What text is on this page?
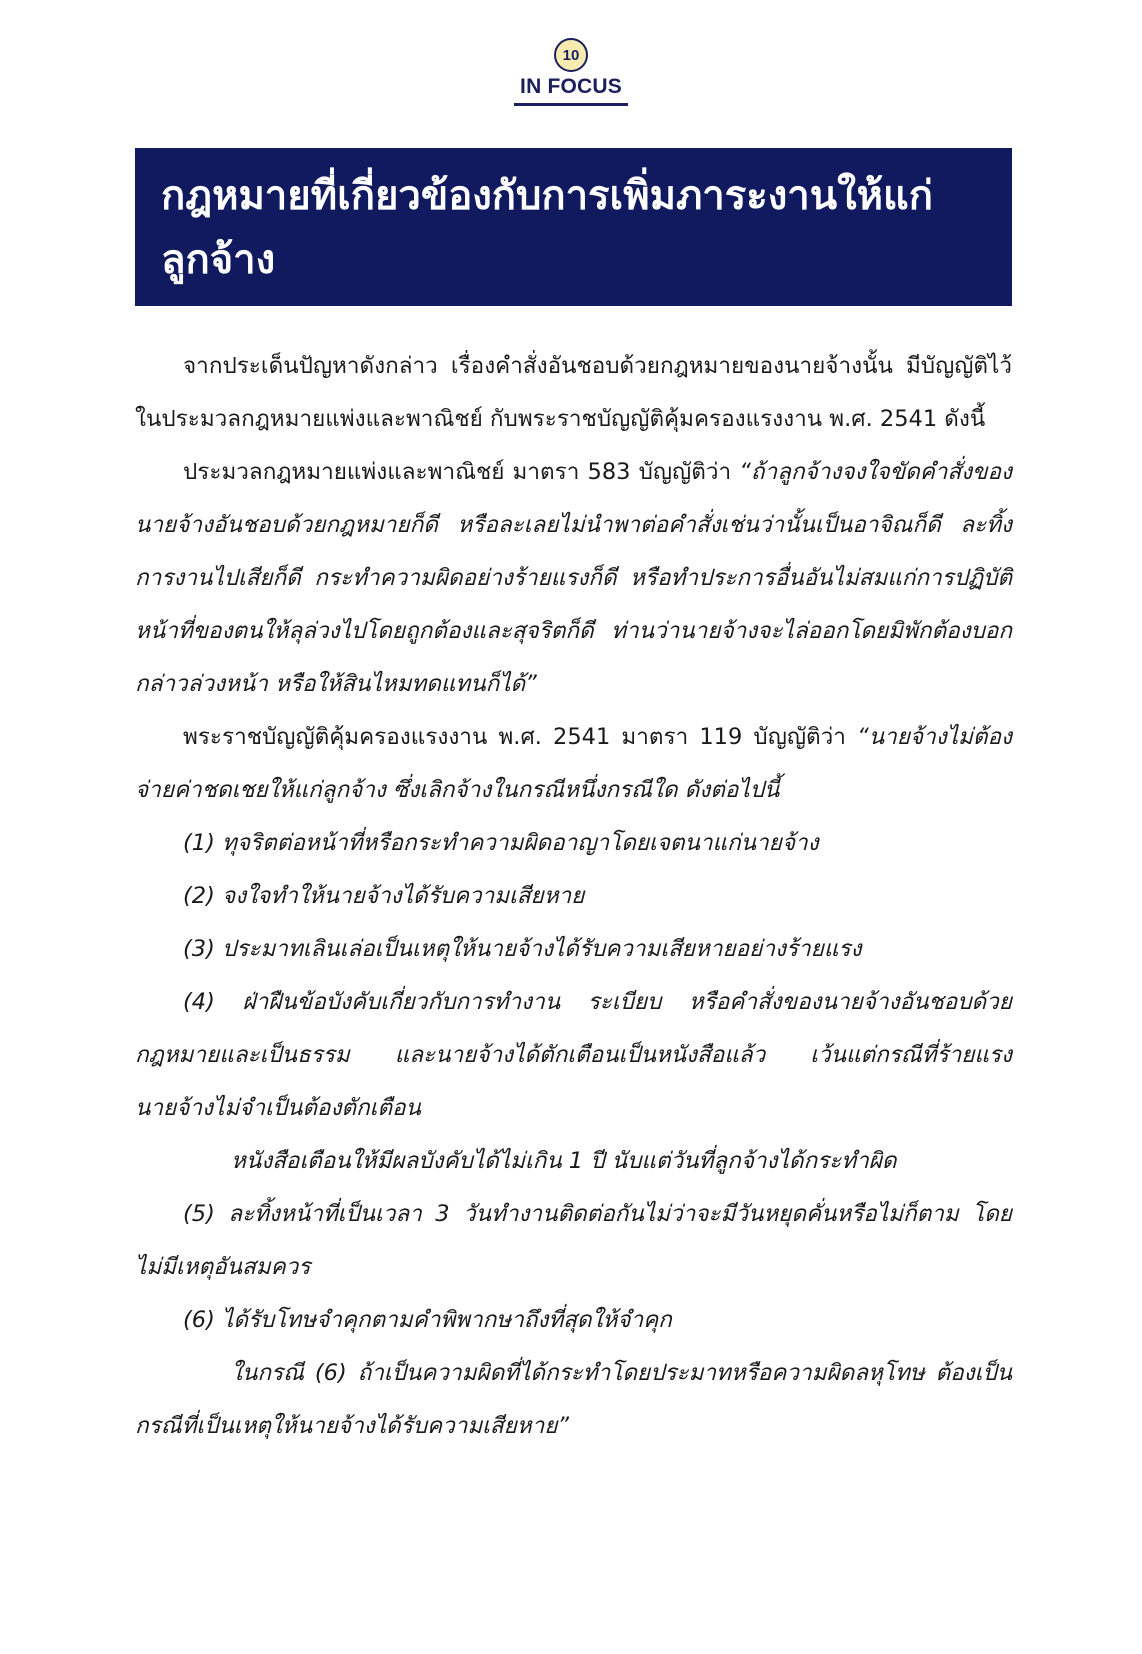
10
IN FOCUS
กฎหมายที่เกี่ยวข้องกับการเพิ่มภาระงานให้แก่ลูกจ้าง

จากประเด็นปัญหาดังกล่าว เรื่องคำสั่งอันชอบด้วยกฎหมายของนายจ้างนั้น มีบัญญัติไว้ในประมวลกฎหมายแพ่งและพาณิชย์ กับพระราชบัญญัติคุ้มครองแรงงาน พ.ศ. 2541 ดังนี้

ประมวลกฎหมายแพ่งและพาณิชย์ มาตรา 583 บัญญัติว่า “ถ้าลูกจ้างจงใจขัดคำสั่งของนายจ้างอันชอบด้วยกฎหมายก็ดี หรือละเลยไม่นำพาต่อคำสั่งเช่นว่านั้นเป็นอาจิณก็ดี ละทิ้งการงานไปเสียก็ดี กระทำความผิดอย่างร้ายแรงก็ดี หรือทำประการอื่นอันไม่สมแก่การปฏิบัติหน้าที่ของตนให้ลุล่วงไปโดยถูกต้องและสุจริตก็ดี ท่านว่านายจ้างจะไล่ออกโดยมิพักต้องบอกกล่าวล่วงหน้า หรือให้สินไหมทดแทนก็ได้”

พระราชบัญญัติคุ้มครองแรงงาน พ.ศ. 2541 มาตรา 119 บัญญัติว่า “นายจ้างไม่ต้องจ่ายค่าชดเชยให้แก่ลูกจ้าง ซึ่งเลิกจ้างในกรณีหนึ่งกรณีใด ดังต่อไปนี้

(1) ทุจริตต่อหน้าที่หรือกระทำความผิดอาญาโดยเจตนาแก่นายจ้าง

(2) จงใจทำให้นายจ้างได้รับความเสียหาย

(3) ประมาทเลินเล่อเป็นเหตุให้นายจ้างได้รับความเสียหายอย่างร้ายแรง

(4) ฝ่าฝืนข้อบังคับเกี่ยวกับการทำงาน ระเบียบ หรือคำสั่งของนายจ้างอันชอบด้วยกฎหมายและเป็นธรรม และนายจ้างได้ตักเตือนเป็นหนังสือแล้ว เว้นแต่กรณีที่ร้ายแรง นายจ้างไม่จำเป็นต้องตักเตือน

หนังสือเตือนให้มีผลบังคับได้ไม่เกิน 1 ปี นับแต่วันที่ลูกจ้างได้กระทำผิด

(5) ละทิ้งหน้าที่เป็นเวลา 3 วันทำงานติดต่อกันไม่ว่าจะมีวันหยุดคั่นหรือไม่ก็ตาม โดยไม่มีเหตุอันสมควร

(6) ได้รับโทษจำคุกตามคำพิพากษาถึงที่สุดให้จำคุก

ในกรณี (6) ถ้าเป็นความผิดที่ได้กระทำโดยประมาทหรือความผิดลหุโทษ ต้องเป็นกรณีที่เป็นเหตุให้นายจ้างได้รับความเสียหาย”
